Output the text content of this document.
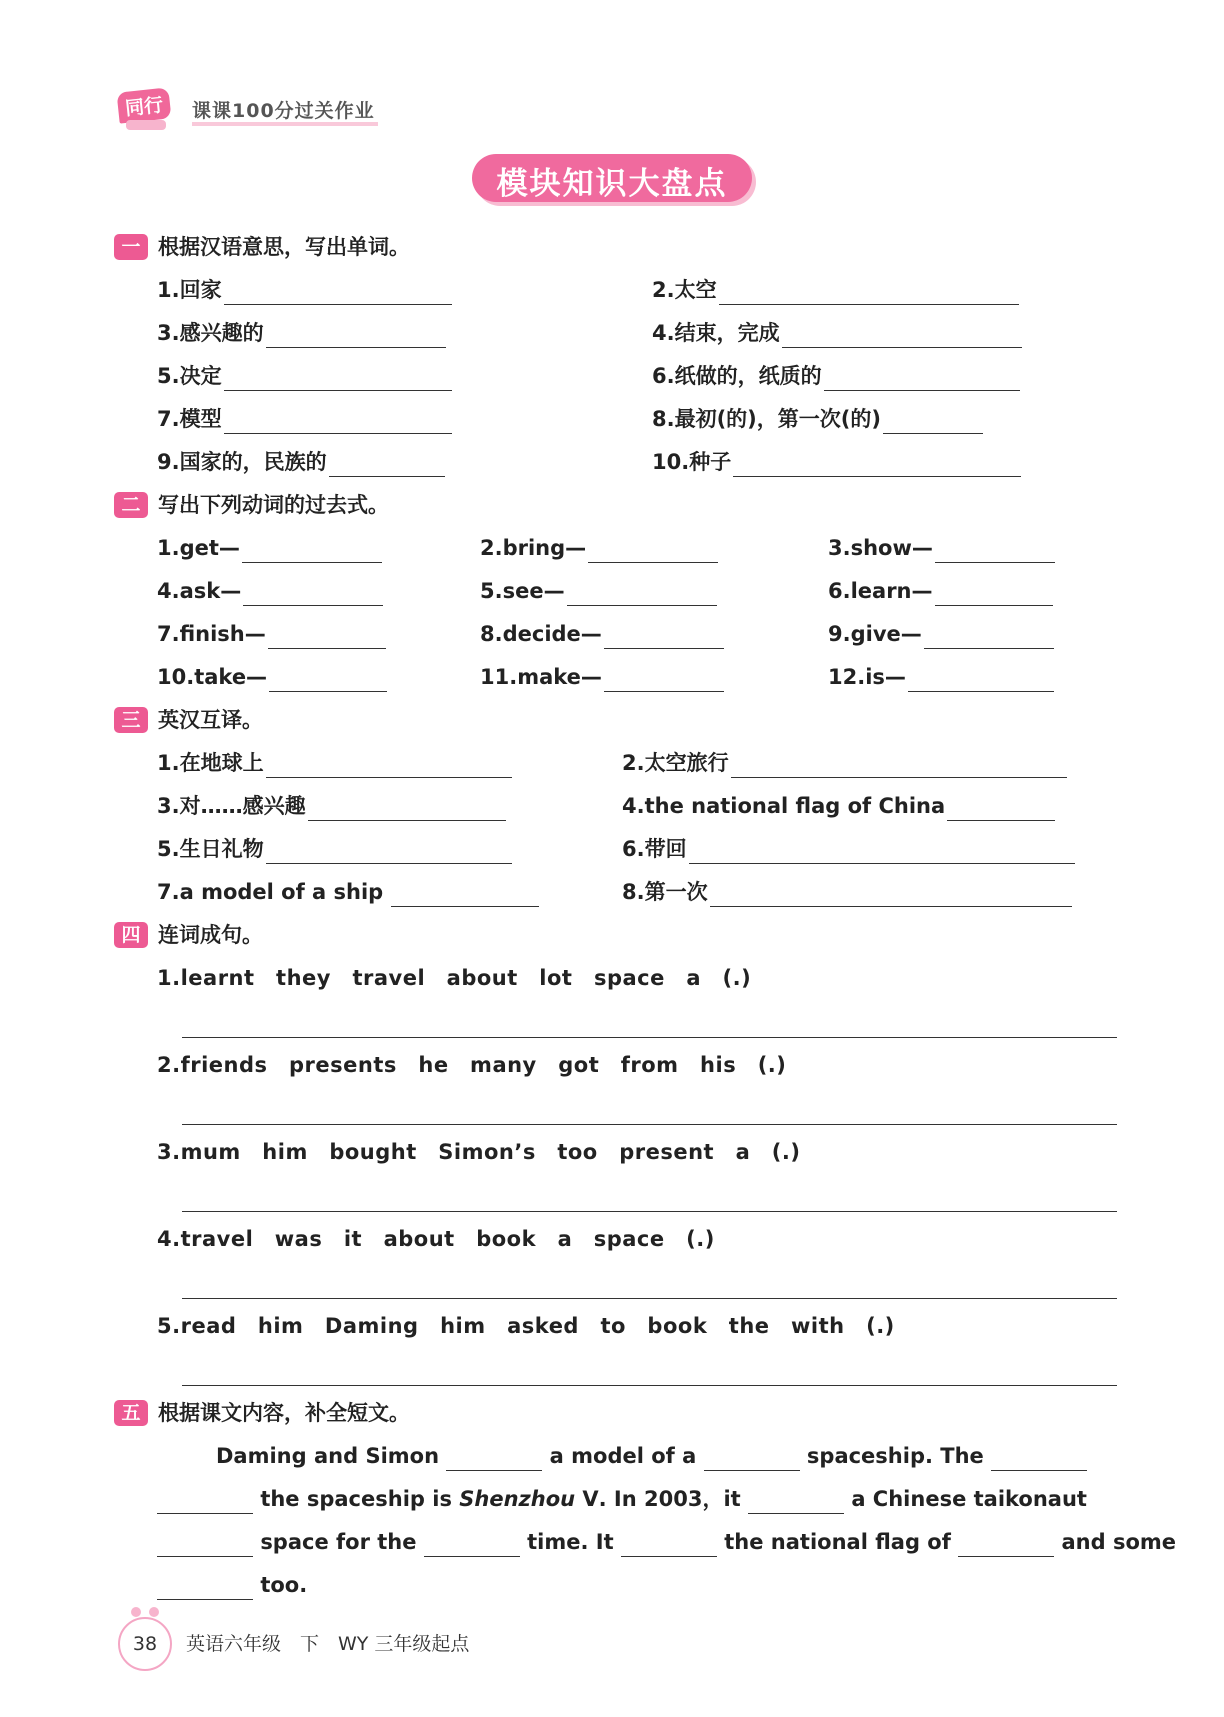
同行	课课100分过关作业
模块知识大盘点
一 根据汉语意思，写出单词。
1.回家	2.太空
3.感兴趣的	4.结束，完成
5.决定	6.纸做的，纸质的
7.模型	8.最初(的)，第一次(的)
9.国家的，民族的	10.种子
二 写出下列动词的过去式。
1.get—	2.bring—	3.show—
4.ask—	5.see—	6.learn—
7.finish—	8.decide—	9.give—
10.take—	11.make—	12.is—
三 英汉互译。
1.在地球上	2.太空旅行
3.对……感兴趣	4.the national flag of China
5.生日礼物	6.带回
7.a model of a ship	8.第一次
四 连词成句。
1.learnt　they　travel　about　lot　space　a　(.)
2.friends　presents　he　many　got　from　his　(.)
3.mum　him　bought　Simon’s　too　present　a　(.)
4.travel　was　it　about　book　a　space　(.)
5.read　him　Daming　him　asked　to　book　the　with　(.)
五 根据课文内容，补全短文。
Daming and Simon	a model of a	spaceship. The
the spaceship is Shenzhou Ⅴ. In 2003，it	a Chinese taikonaut
space for the	time. It	the national flag of	and some
too.
38	英语六年级　下　WY 三年级起点
